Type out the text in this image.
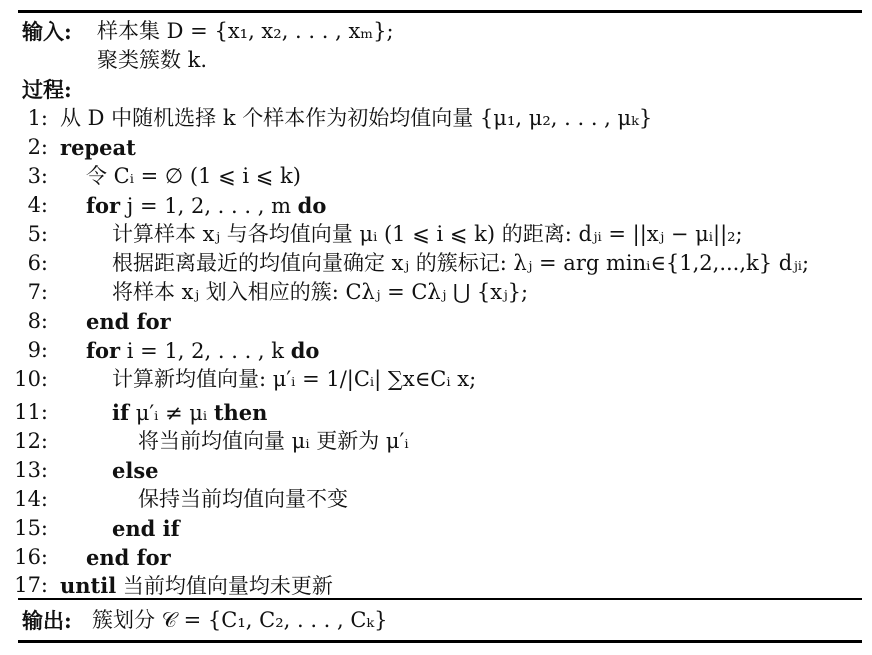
输入: 样本集 D = {x₁, x₂, . . . , xₘ};
聚类簇数 k.
过程:
1: 从 D 中随机选择 k 个样本作为初始均值向量 {μ₁, μ₂, . . . , μₖ}
2: repeat
3: 令 Cᵢ = ∅ (1 ⩽ i ⩽ k)
4: for j = 1, 2, . . . , m do
5:	计算样本 xⱼ 与各均值向量 μᵢ (1 ⩽ i ⩽ k) 的距离: dⱼᵢ = ||xⱼ − μᵢ||₂;
6:	根据距离最近的均值向量确定 xⱼ 的簇标记: λⱼ = arg minᵢ∈{1,2,...,k} dⱼᵢ;
7:	将样本 xⱼ 划入相应的簇: Cλⱼ = Cλⱼ ⋃ {xⱼ};
8: end for
9: for i = 1, 2, . . . , k do
10:	计算新均值向量: μ′ᵢ = 1/|Cᵢ| ∑x∈Cᵢ x;
11:	if μ′ᵢ ≠ μᵢ then
12:	将当前均值向量 μᵢ 更新为 μ′ᵢ
13:	else
14:	保持当前均值向量不变
15:	end if
16: end for
17: until 当前均值向量均未更新
输出: 簇划分 𝒞 = {C₁, C₂, . . . , Cₖ}
